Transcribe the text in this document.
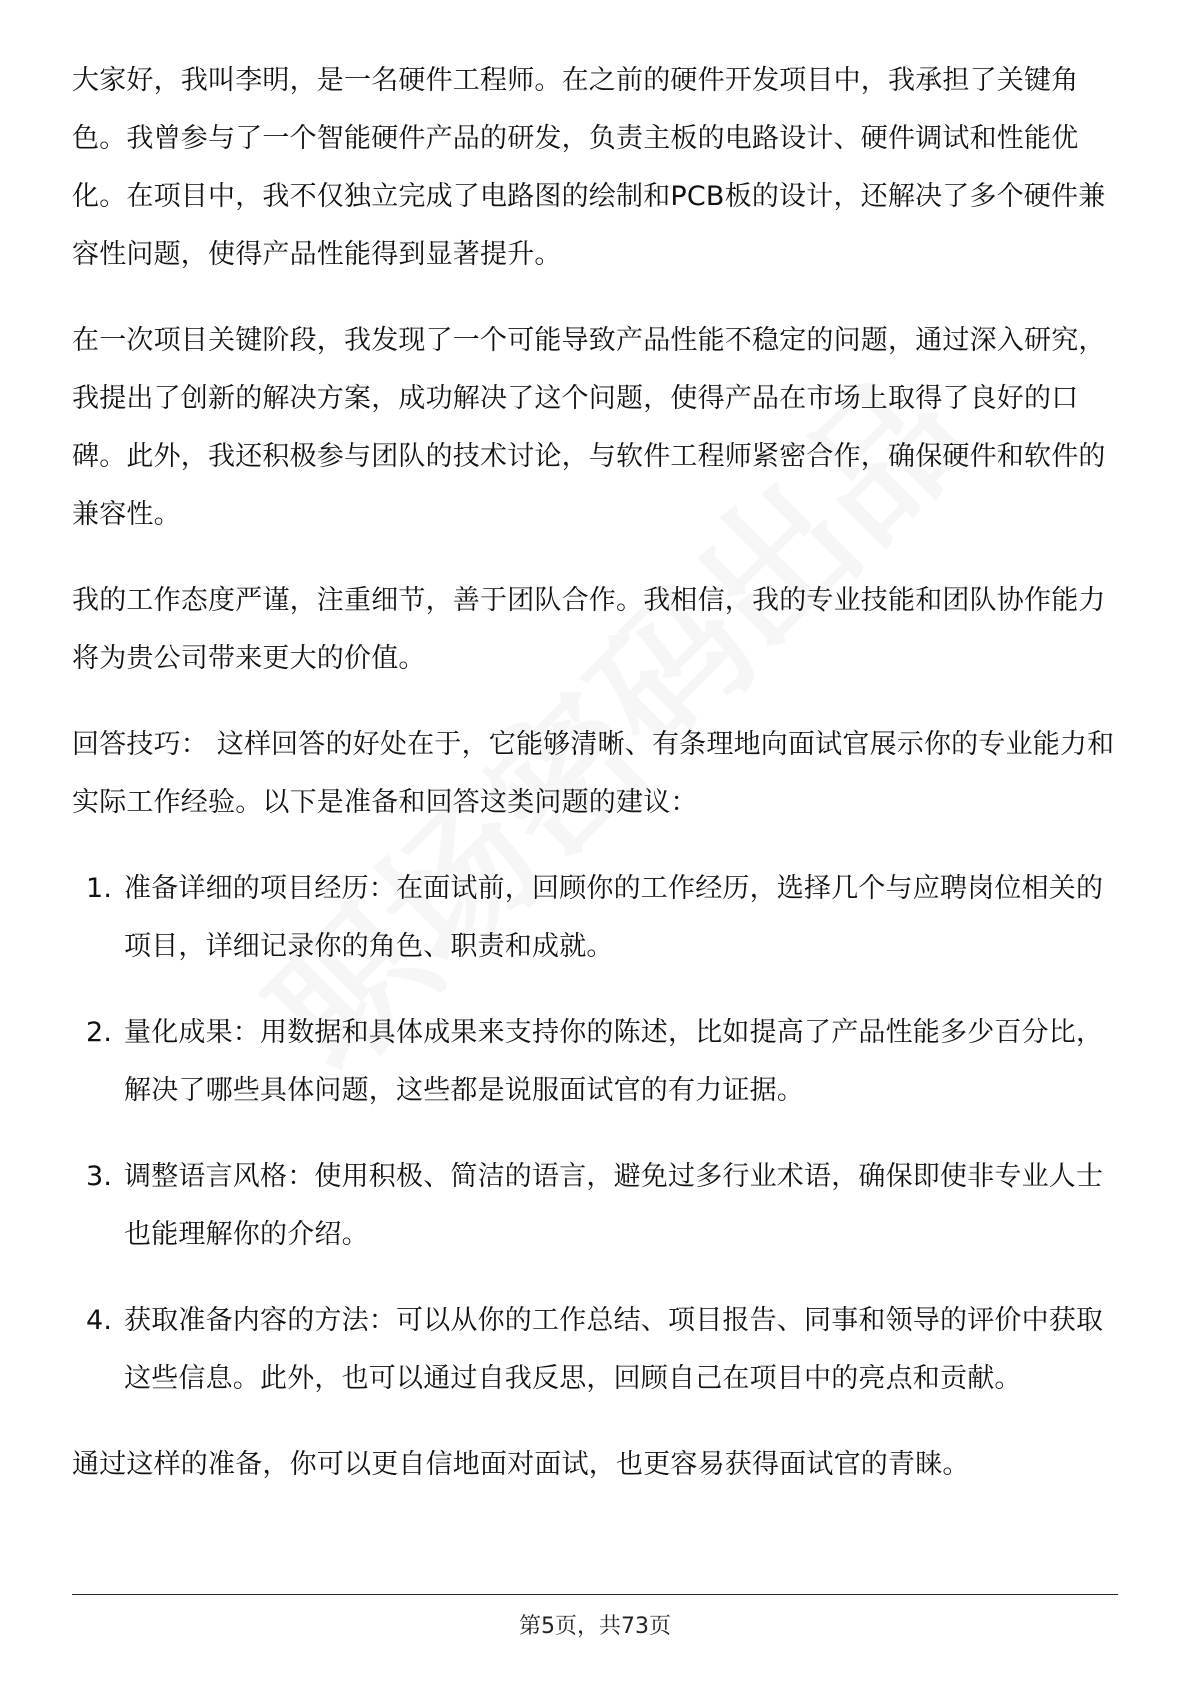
大家好，我叫李明，是一名硬件工程师。在之前的硬件开发项目中，我承担了关键角色。我曾参与了一个智能硬件产品的研发，负责主板的电路设计、硬件调试和性能优化。在项目中，我不仅独立完成了电路图的绘制和PCB板的设计，还解决了多个硬件兼容性问题，使得产品性能得到显著提升。

在一次项目关键阶段，我发现了一个可能导致产品性能不稳定的问题，通过深入研究，我提出了创新的解决方案，成功解决了这个问题，使得产品在市场上取得了良好的口碑。此外，我还积极参与团队的技术讨论，与软件工程师紧密合作，确保硬件和软件的兼容性。

我的工作态度严谨，注重细节，善于团队合作。我相信，我的专业技能和团队协作能力将为贵公司带来更大的价值。

回答技巧： 这样回答的好处在于，它能够清晰、有条理地向面试官展示你的专业能力和实际工作经验。以下是准备和回答这类问题的建议：

1. 准备详细的项目经历：在面试前，回顾你的工作经历，选择几个与应聘岗位相关的项目，详细记录你的角色、职责和成就。
2. 量化成果：用数据和具体成果来支持你的陈述，比如提高了产品性能多少百分比，解决了哪些具体问题，这些都是说服面试官的有力证据。
3. 调整语言风格：使用积极、简洁的语言，避免过多行业术语，确保即使非专业人士也能理解你的介绍。
4. 获取准备内容的方法：可以从你的工作总结、项目报告、同事和领导的评价中获取这些信息。此外，也可以通过自我反思，回顾自己在项目中的亮点和贡献。

通过这样的准备，你可以更自信地面对面试，也更容易获得面试官的青睐。

第5页，共73页
